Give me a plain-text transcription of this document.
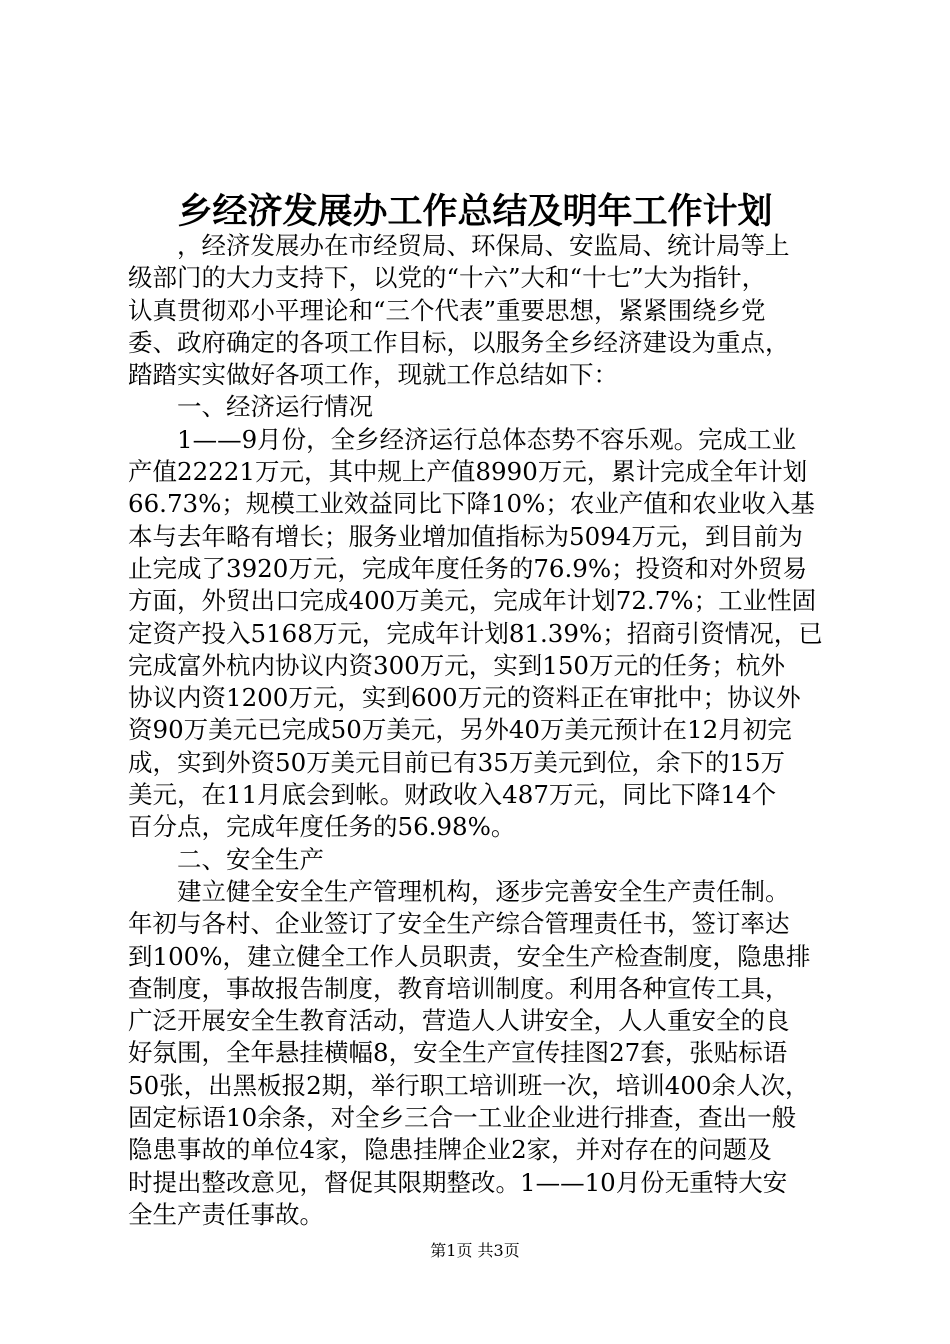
乡经济发展办工作总结及明年工作计划
，经济发展办在市经贸局、环保局、安监局、统计局等上
级部门的大力支持下，以党的“十六”大和“十七”大为指针，
认真贯彻邓小平理论和“三个代表”重要思想，紧紧围绕乡党
委、政府确定的各项工作目标，以服务全乡经济建设为重点，
踏踏实实做好各项工作，现就工作总结如下：
一、经济运行情况
1——9月份，全乡经济运行总体态势不容乐观。完成工业
产值22221万元，其中规上产值8990万元，累计完成全年计划
66.73%；规模工业效益同比下降10%；农业产值和农业收入基
本与去年略有增长；服务业增加值指标为5094万元，到目前为
止完成了3920万元，完成年度任务的76.9%；投资和对外贸易
方面，外贸出口完成400万美元，完成年计划72.7%；工业性固
定资产投入5168万元，完成年计划81.39%；招商引资情况，已
完成富外杭内协议内资300万元，实到150万元的任务；杭外
协议内资1200万元，实到600万元的资料正在审批中；协议外
资90万美元已完成50万美元，另外40万美元预计在12月初完
成，实到外资50万美元目前已有35万美元到位，余下的15万
美元，在11月底会到帐。财政收入487万元，同比下降14个
百分点，完成年度任务的56.98%。
二、安全生产
建立健全安全生产管理机构，逐步完善安全生产责任制。
年初与各村、企业签订了安全生产综合管理责任书，签订率达
到100%，建立健全工作人员职责，安全生产检查制度，隐患排
查制度，事故报告制度，教育培训制度。利用各种宣传工具，
广泛开展安全生教育活动，营造人人讲安全，人人重安全的良
好氛围，全年悬挂横幅8，安全生产宣传挂图27套，张贴标语
50张，出黑板报2期，举行职工培训班一次，培训400余人次，
固定标语10余条，对全乡三合一工业企业进行排查，查出一般
隐患事故的单位4家，隐患挂牌企业2家，并对存在的问题及
时提出整改意见，督促其限期整改。1——10月份无重特大安
全生产责任事故。
第1页 共3页
